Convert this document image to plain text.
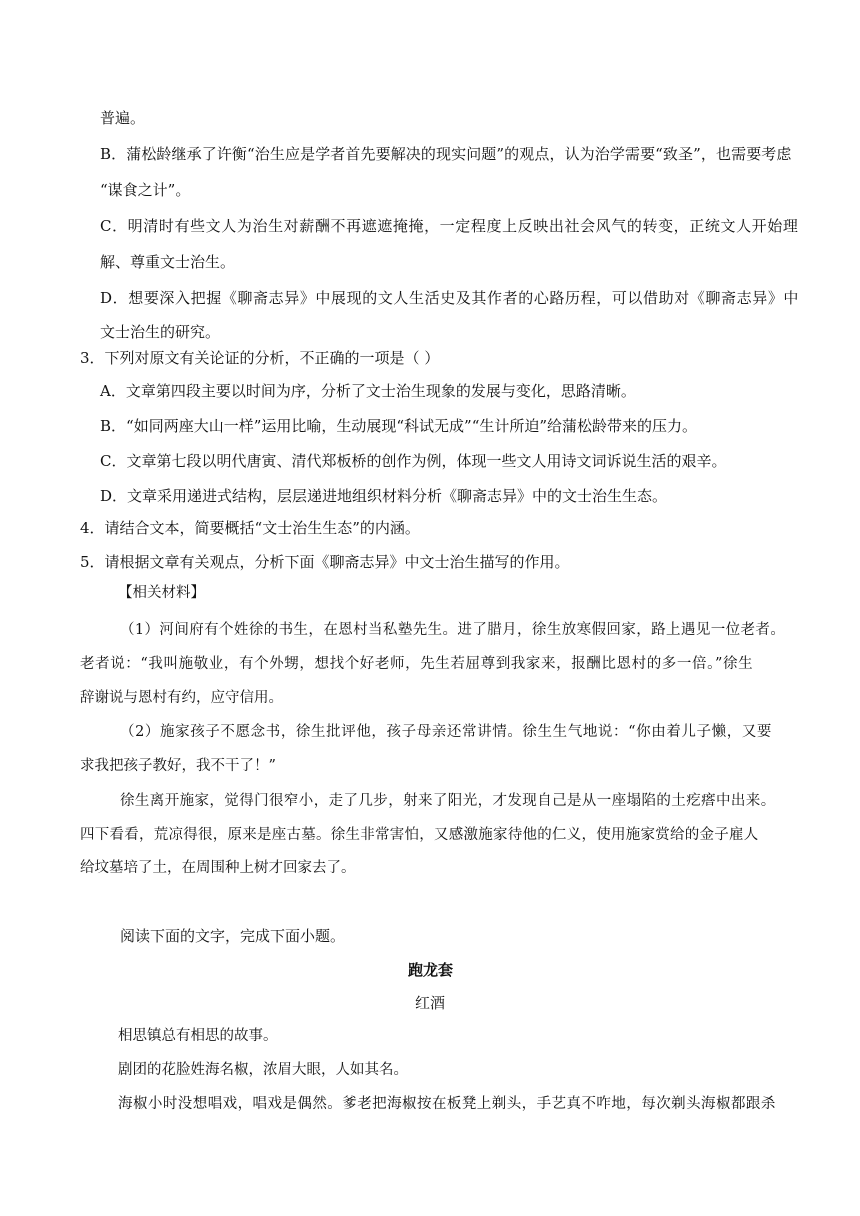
普遍。
B．蒲松龄继承了许衡“治生应是学者首先要解决的现实问题”的观点，认为治学需要“致圣”，也需要考虑
“谋食之计”。
C．明清时有些文人为治生对薪酬不再遮遮掩掩，一定程度上反映出社会风气的转变，正统文人开始理
解、尊重文士治生。
D．想要深入把握《聊斋志异》中展现的文人生活史及其作者的心路历程，可以借助对《聊斋志异》中
文士治生的研究。
3．下列对原文有关论证的分析，不正确的一项是（ ）
A．文章第四段主要以时间为序，分析了文士治生现象的发展与变化，思路清晰。
B．“如同两座大山一样”运用比喻，生动展现“科试无成”“生计所迫”给蒲松龄带来的压力。
C．文章第七段以明代唐寅、清代郑板桥的创作为例，体现一些文人用诗文词诉说生活的艰辛。
D．文章采用递进式结构，层层递进地组织材料分析《聊斋志异》中的文士治生生态。
4．请结合文本，简要概括“文士治生生态”的内涵。
5．请根据文章有关观点，分析下面《聊斋志异》中文士治生描写的作用。
【相关材料】
（1）河间府有个姓徐的书生，在恩村当私塾先生。进了腊月，徐生放寒假回家，路上遇见一位老者。
老者说：“我叫施敬业，有个外甥，想找个好老师，先生若屈尊到我家来，报酬比恩村的多一倍。”徐生
辞谢说与恩村有约，应守信用。
（2）施家孩子不愿念书，徐生批评他，孩子母亲还常讲情。徐生生气地说：“你由着儿子懒，又要
求我把孩子教好，我不干了！”
徐生离开施家，觉得门很窄小，走了几步，射来了阳光，才发现自己是从一座塌陷的土疙瘩中出来。
四下看看，荒凉得很，原来是座古墓。徐生非常害怕，又感激施家待他的仁义，使用施家赏给的金子雇人
给坟墓培了土，在周围种上树才回家去了。
阅读下面的文字，完成下面小题。
跑龙套
红酒
相思镇总有相思的故事。
剧团的花脸姓海名椒，浓眉大眼，人如其名。
海椒小时没想唱戏，唱戏是偶然。爹老把海椒按在板凳上剃头，手艺真不咋地，每次剃头海椒都跟杀
